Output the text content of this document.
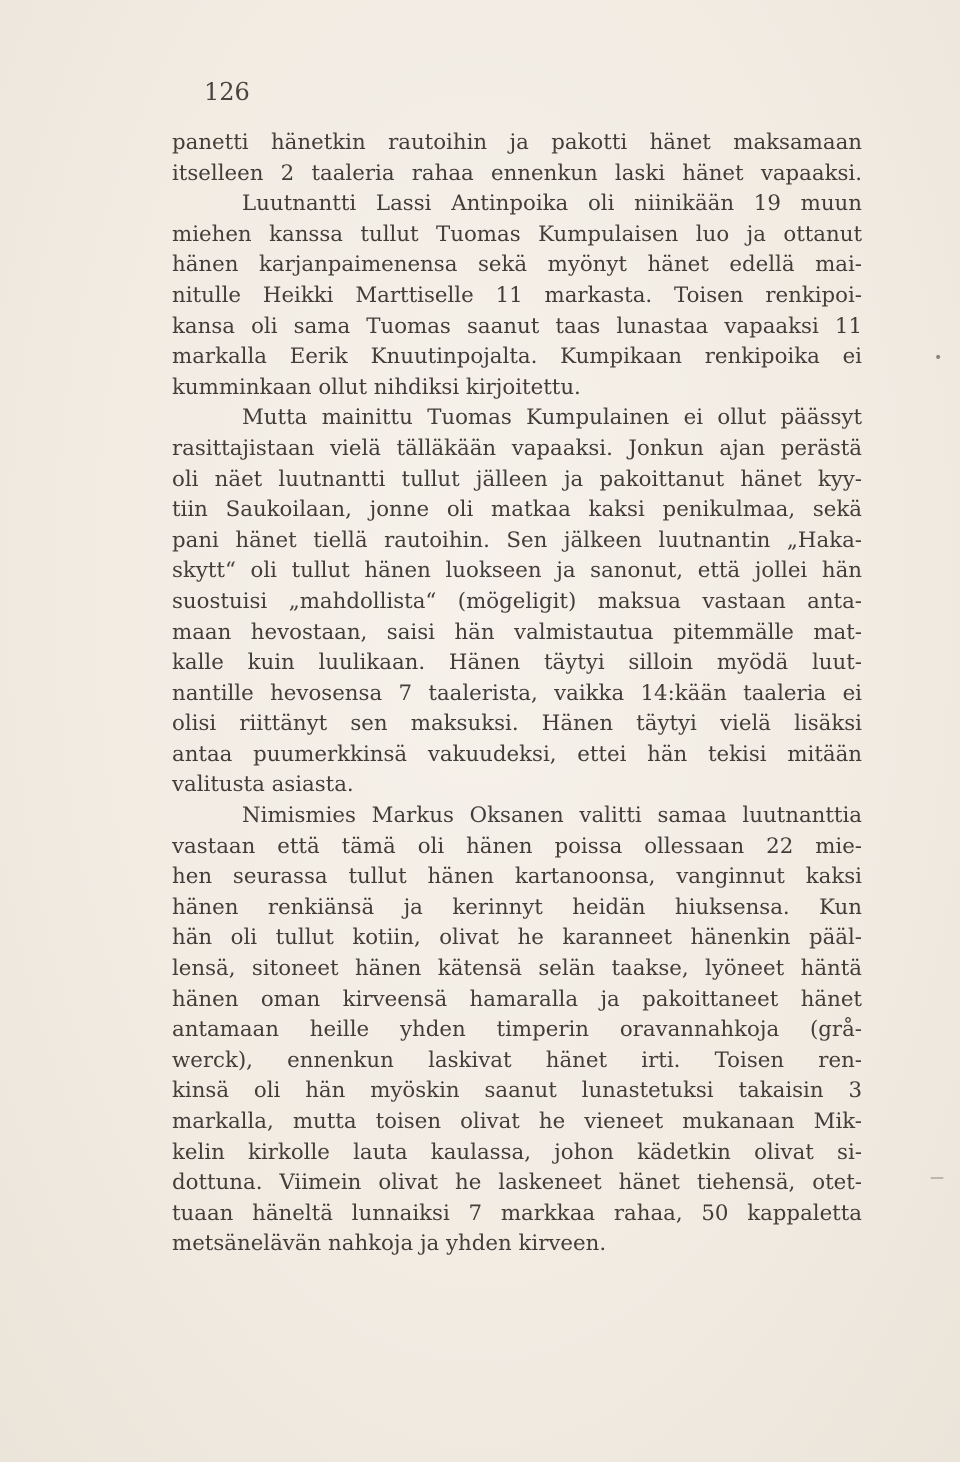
126
panetti hänetkin rautoihin ja pakotti hänet maksamaan
itselleen 2 taaleria rahaa ennenkun laski hänet vapaaksi.
Luutnantti Lassi Antinpoika oli niinikään 19 muun
miehen kanssa tullut Tuomas Kumpulaisen luo ja ottanut
hänen karjanpaimenensa sekä myönyt hänet edellä mai-
nitulle Heikki Marttiselle 11 markasta. Toisen renkipoi-
kansa oli sama Tuomas saanut taas lunastaa vapaaksi 11
markalla Eerik Knuutinpojalta. Kumpikaan renkipoika ei
kumminkaan ollut nihdiksi kirjoitettu.
Mutta mainittu Tuomas Kumpulainen ei ollut päässyt
rasittajistaan vielä tälläkään vapaaksi. Jonkun ajan perästä
oli näet luutnantti tullut jälleen ja pakoittanut hänet kyy-
tiin Saukoilaan, jonne oli matkaa kaksi penikulmaa, sekä
pani hänet tiellä rautoihin. Sen jälkeen luutnantin „Haka-
skytt“ oli tullut hänen luokseen ja sanonut, että jollei hän
suostuisi „mahdollista“ (mögeligit) maksua vastaan anta-
maan hevostaan, saisi hän valmistautua pitemmälle mat-
kalle kuin luulikaan. Hänen täytyi silloin myödä luut-
nantille hevosensa 7 taalerista, vaikka 14:kään taaleria ei
olisi riittänyt sen maksuksi. Hänen täytyi vielä lisäksi
antaa puumerkkinsä vakuudeksi, ettei hän tekisi mitään
valitusta asiasta.
Nimismies Markus Oksanen valitti samaa luutnanttia
vastaan että tämä oli hänen poissa ollessaan 22 mie-
hen seurassa tullut hänen kartanoonsa, vanginnut kaksi
hänen renkiänsä ja kerinnyt heidän hiuksensa. Kun
hän oli tullut kotiin, olivat he karanneet hänenkin pääl-
lensä, sitoneet hänen kätensä selän taakse, lyöneet häntä
hänen oman kirveensä hamaralla ja pakoittaneet hänet
antamaan heille yhden timperin oravannahkoja (grå-
werck), ennenkun laskivat hänet irti. Toisen ren-
kinsä oli hän myöskin saanut lunastetuksi takaisin 3
markalla, mutta toisen olivat he vieneet mukanaan Mik-
kelin kirkolle lauta kaulassa, johon kädetkin olivat si-
dottuna. Viimein olivat he laskeneet hänet tiehensä, otet-
tuaan häneltä lunnaiksi 7 markkaa rahaa, 50 kappaletta
metsänelävän nahkoja ja yhden kirveen.
•
—
